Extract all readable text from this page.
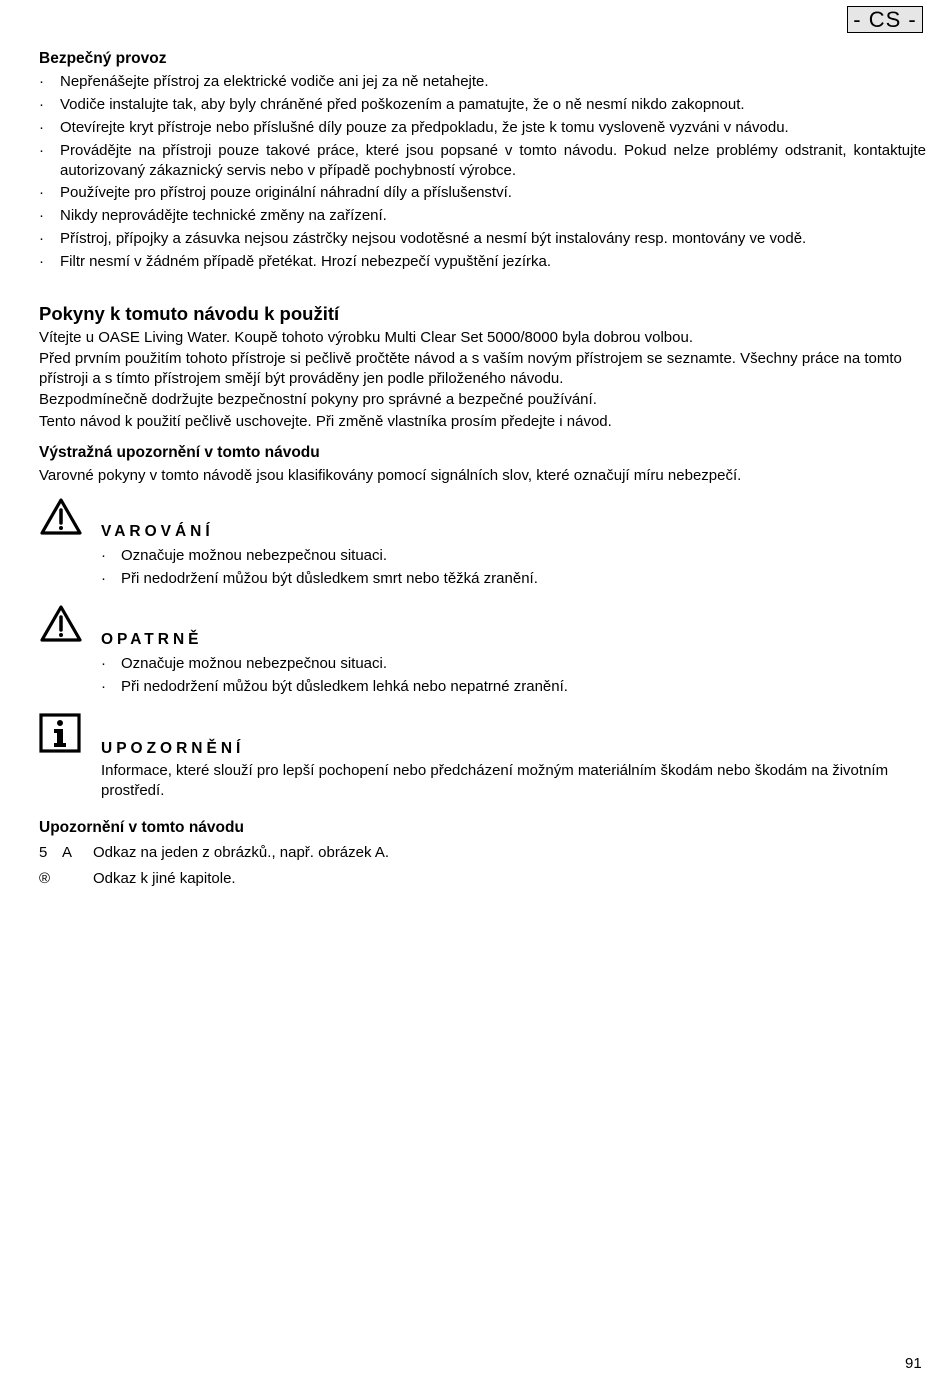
- CS -
Bezpečný provoz
· Nepřenášejte přístroj za elektrické vodiče ani jej za ně netahejte.
· Vodiče instalujte tak, aby byly chráněné před poškozením a pamatujte, že o ně nesmí nikdo zakopnout.
· Otevírejte kryt přístroje nebo příslušné díly pouze za předpokladu, že jste k tomu vysloveně vyzváni v návodu.
· Provádějte na přístroji pouze takové práce, které jsou popsané v tomto návodu. Pokud nelze problémy odstranit, kontaktujte autorizovaný zákaznický servis nebo v případě pochybností výrobce.
· Používejte pro přístroj pouze originální náhradní díly a příslušenství.
· Nikdy neprovádějte technické změny na zařízení.
· Přístroj, přípojky a zásuvka nejsou zástrčky nejsou vodotěsné a nesmí být instalovány resp. montovány ve vodě.
· Filtr nesmí v žádném případě přetékat. Hrozí nebezpečí vypuštění jezírka.
Pokyny k tomuto návodu k použití
Vítejte u OASE Living Water. Koupě tohoto výrobku Multi Clear Set 5000/8000 byla dobrou volbou.
Před prvním použitím tohoto přístroje si pečlivě pročtěte návod a s vaším novým přístrojem se seznamte. Všechny práce na tomto přístroji a s tímto přístrojem smějí být prováděny jen podle přiloženého návodu.
Bezpodmínečně dodržujte bezpečnostní pokyny pro správné a bezpečné používání.
Tento návod k použití pečlivě uschovejte. Při změně vlastníka prosím předejte i návod.
Výstražná upozornění v tomto návodu
Varovné pokyny v tomto návodě jsou klasifikovány pomocí signálních slov, které označují míru nebezpečí.
VAROVÁNÍ
· Označuje možnou nebezpečnou situaci.
· Při nedodržení můžou být důsledkem smrt nebo těžká zranění.
OPATRNĚ
· Označuje možnou nebezpečnou situaci.
· Při nedodržení můžou být důsledkem lehká nebo nepatrné zranění.
UPOZORNĚNÍ
Informace, které slouží pro lepší pochopení nebo předcházení možným materiálním škodám nebo škodám na životním prostředí.
Upozornění v tomto návodu
5 A Odkaz na jeden z obrázků., např. obrázek A.
®	Odkaz k jiné kapitole.
91
